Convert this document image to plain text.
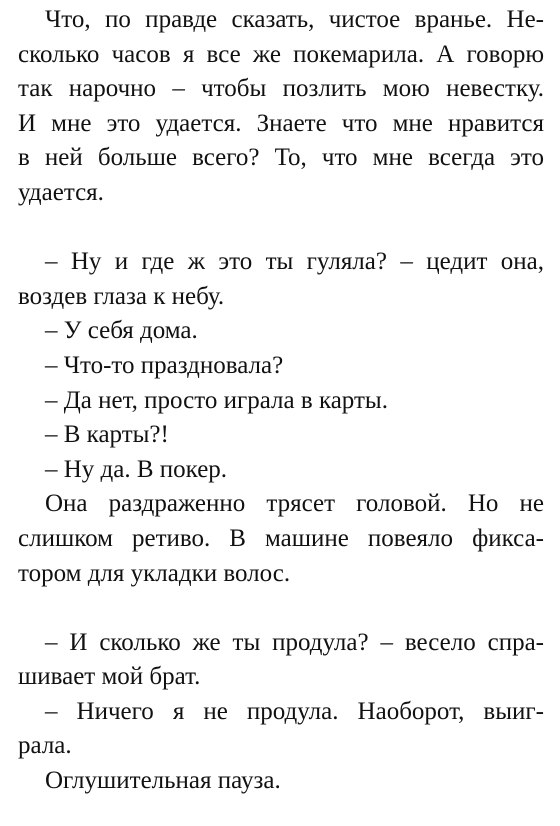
Что, по правде сказать, чистое вранье. Не-
сколько часов я все же покемарила. А говорю
так нарочно – чтобы позлить мою невестку.
И мне это удается. Знаете что мне нравится
в ней больше всего? То, что мне всегда это
удается.
– Ну и где ж это ты гуляла? – цедит она,
воздев глаза к небу.
– У себя дома.
– Что-то праздновала?
– Да нет, просто играла в карты.
– В карты?!
– Ну да. В покер.
Она раздраженно трясет головой. Но не
слишком ретиво. В машине повеяло фикса-
тором для укладки волос.
– И сколько же ты продула? – весело спра-
шивает мой брат.
– Ничего я не продула. Наоборот, выиг-
рала.
Оглушительная пауза.
